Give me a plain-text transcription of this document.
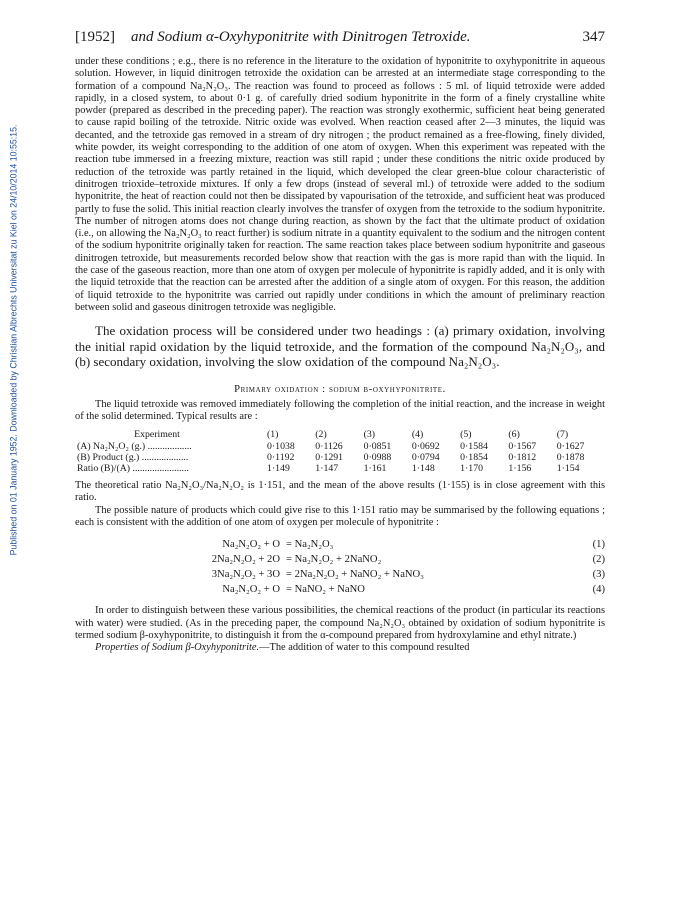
Published on 01 January 1952. Downloaded by Christian Albrechts Universitat zu Kiel on 24/10/2014 10:55:15.
[1952]	and Sodium α-Oxyhyponitrite with Dinitrogen Tetroxide.	347

under these conditions ; e.g., there is no reference in the literature to the oxidation of hyponitrite to oxyhyponitrite in aqueous solution. However, in liquid dinitrogen tetroxide the oxidation can be arrested at an intermediate stage corresponding to the formation of a compound Na₂N₂O₃. The reaction was found to proceed as follows : 5 ml. of liquid tetroxide were added rapidly, in a closed system, to about 0·1 g. of carefully dried sodium hyponitrite in the form of a finely crystalline white powder (prepared as described in the preceding paper). The reaction was strongly exothermic, sufficient heat being generated to cause rapid boiling of the tetroxide. Nitric oxide was evolved. When reaction ceased after 2—3 minutes, the liquid was decanted, and the tetroxide gas removed in a stream of dry nitrogen ; the product remained as a free-flowing, finely divided, white powder, its weight corresponding to the addition of one atom of oxygen. When this experiment was repeated with the reaction tube immersed in a freezing mixture, reaction was still rapid ; under these conditions the nitric oxide produced by reduction of the tetroxide was partly retained in the liquid, which developed the clear green-blue colour characteristic of dinitrogen trioxide–tetroxide mixtures. If only a few drops (instead of several ml.) of tetroxide were added to the sodium hyponitrite, the heat of reaction could not then be dissipated by vapourisation of the tetroxide, and sufficient heat was produced partly to fuse the solid. This initial reaction clearly involves the transfer of oxygen from the tetroxide to the sodium hyponitrite. The number of nitrogen atoms does not change during reaction, as shown by the fact that the ultimate product of oxidation (i.e., on allowing the Na₂N₂O₃ to react further) is sodium nitrate in a quantity equivalent to the sodium and the nitrogen content of the sodium hyponitrite originally taken for reaction. The same reaction takes place between sodium hyponitrite and gaseous dinitrogen tetroxide, but measurements recorded below show that reaction with the gas is more rapid than with the liquid. In the case of the gaseous reaction, more than one atom of oxygen per molecule of hyponitrite is rapidly added, and it is only with the liquid tetroxide that the reaction can be arrested after the addition of a single atom of oxygen. For this reason, the addition of liquid tetroxide to the hyponitrite was carried out rapidly under conditions in which the amount of preliminary reaction between solid and gaseous dinitrogen tetroxide was negligible.

The oxidation process will be considered under two headings : (a) primary oxidation, involving the initial rapid oxidation by the liquid tetroxide, and the formation of the compound Na₂N₂O₃, and (b) secondary oxidation, involving the slow oxidation of the compound Na₂N₂O₃.

Primary oxidation : sodium β-oxyhyponitrite.

The liquid tetroxide was removed immediately following the completion of the initial reaction, and the increase in weight of the solid determined. Typical results are :

Experiment	(1)	(2)	(3)	(4)	(5)	(6)	(7)
(A) Na₂N₂O₂ (g.) ..................	0·1038	0·1126	0·0851	0·0692	0·1584	0·1567	0·1627
(B) Product (g.) ...................	0·1192	0·1291	0·0988	0·0794	0·1854	0·1812	0·1878
Ratio (B)/(A) .......................	1·149	1·147	1·161	1·148	1·170	1·156	1·154

The theoretical ratio Na₂N₂O₃/Na₂N₂O₂ is 1·151, and the mean of the above results (1·155) is in close agreement with this ratio.

The possible nature of products which could give rise to this 1·151 ratio may be summarised by the following equations ; each is consistent with the addition of one atom of oxygen per molecule of hyponitrite :

Na₂N₂O₂ + O = Na₂N₂O₃	(1)
2Na₂N₂O₂ + 2O = Na₂N₂O₂ + 2NaNO₂	(2)
3Na₂N₂O₂ + 3O = 2Na₂N₂O₂ + NaNO₂ + NaNO₃	(3)
Na₂N₂O₂ + O = NaNO₂ + NaNO	(4)

In order to distinguish between these various possibilities, the chemical reactions of the product (in particular its reactions with water) were studied. (As in the preceding paper, the compound Na₂N₂O₃ obtained by oxidation of sodium hyponitrite is termed sodium β-oxyhyponitrite, to distinguish it from the α-compound prepared from hydroxylamine and ethyl nitrate.)

Properties of Sodium β-Oxyhyponitrite.—The addition of water to this compound resulted
